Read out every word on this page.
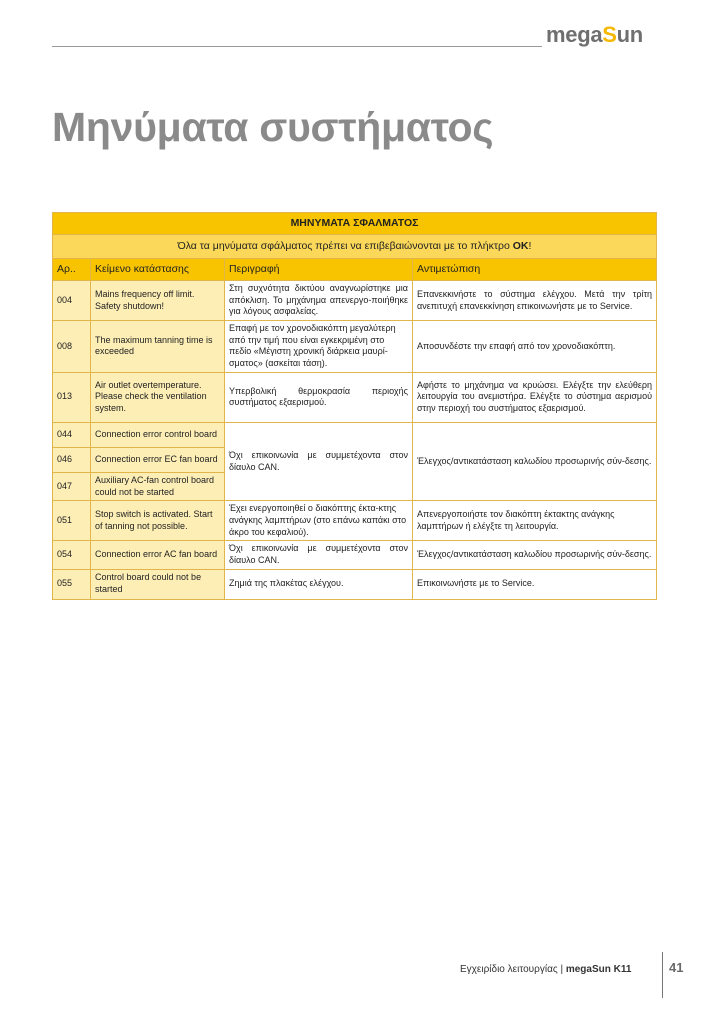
megaSun
Μηνύματα συστήματος
ΜΗΝΥΜΑΤΑ ΣΦΑΛΜΑΤΟΣ			
Όλα τα μηνύματα σφάλματος πρέπει να επιβεβαιώνονται με το πλήκτρο OK!			
Αρ..	Κείμενο κατάστασης	Περιγραφή	Αντιμετώπιση
004	Mains frequency off limit. Safety shutdown!	Στη συχνότητα δικτύου αναγνωρίστηκε μια απόκλιση. Το μηχάνημα απενεργο-ποιήθηκε για λόγους ασφαλείας.	Επανεκκινήστε το σύστημα ελέγχου. Μετά την τρίτη ανεπιτυχή επανεκκίνηση επικοινωνήστε με το Service.
008	The maximum tanning time is exceeded	Επαφή με τον χρονοδιακόπτη μεγαλύτερη από την τιμή που είναι εγκεκριμένη στο πεδίο «Μέγιστη χρονική διάρκεια μαυρί-σματος» (ασκείται τάση).	Αποσυνδέστε την επαφή από τον χρονοδιακόπτη.
013	Air outlet overtemperature. Please check the ventilation system.	Υπερβολική θερμοκρασία περιοχής συστήματος εξαερισμού.	Αφήστε το μηχάνημα να κρυώσει. Ελέγξτε την ελεύθερη λειτουργία του ανεμιστήρα. Ελέγξτε το σύστημα αερισμού στην περιοχή του συστήματος εξαερισμού.
044	Connection error control board	Όχι επικοινωνία με συμμετέχοντα στον δίαυλο CAN.	Έλεγχος/αντικατάσταση καλωδίου προσωρινής σύν-δεσης.
046	Connection error EC fan board		
047	Auxiliary AC-fan control board could not be started		
051	Stop switch is activated. Start of tanning not possible.	Έχει ενεργοποιηθεί ο διακόπτης έκτα-κτης ανάγκης λαμπτήρων (στο επάνω καπάκι στο άκρο του κεφαλιού).	Απενεργοποιήστε τον διακόπτη έκτακτης ανάγκης λαμπτήρων ή ελέγξτε τη λειτουργία.
054	Connection error AC fan board	Όχι επικοινωνία με συμμετέχοντα στον δίαυλο CAN.	Έλεγχος/αντικατάσταση καλωδίου προσωρινής σύν-δεσης.
055	Control board could not be started	Ζημιά της πλακέτας ελέγχου.	Επικοινωνήστε με το Service.
Εγχειρίδιο λειτουργίας | megaSun K11	41
